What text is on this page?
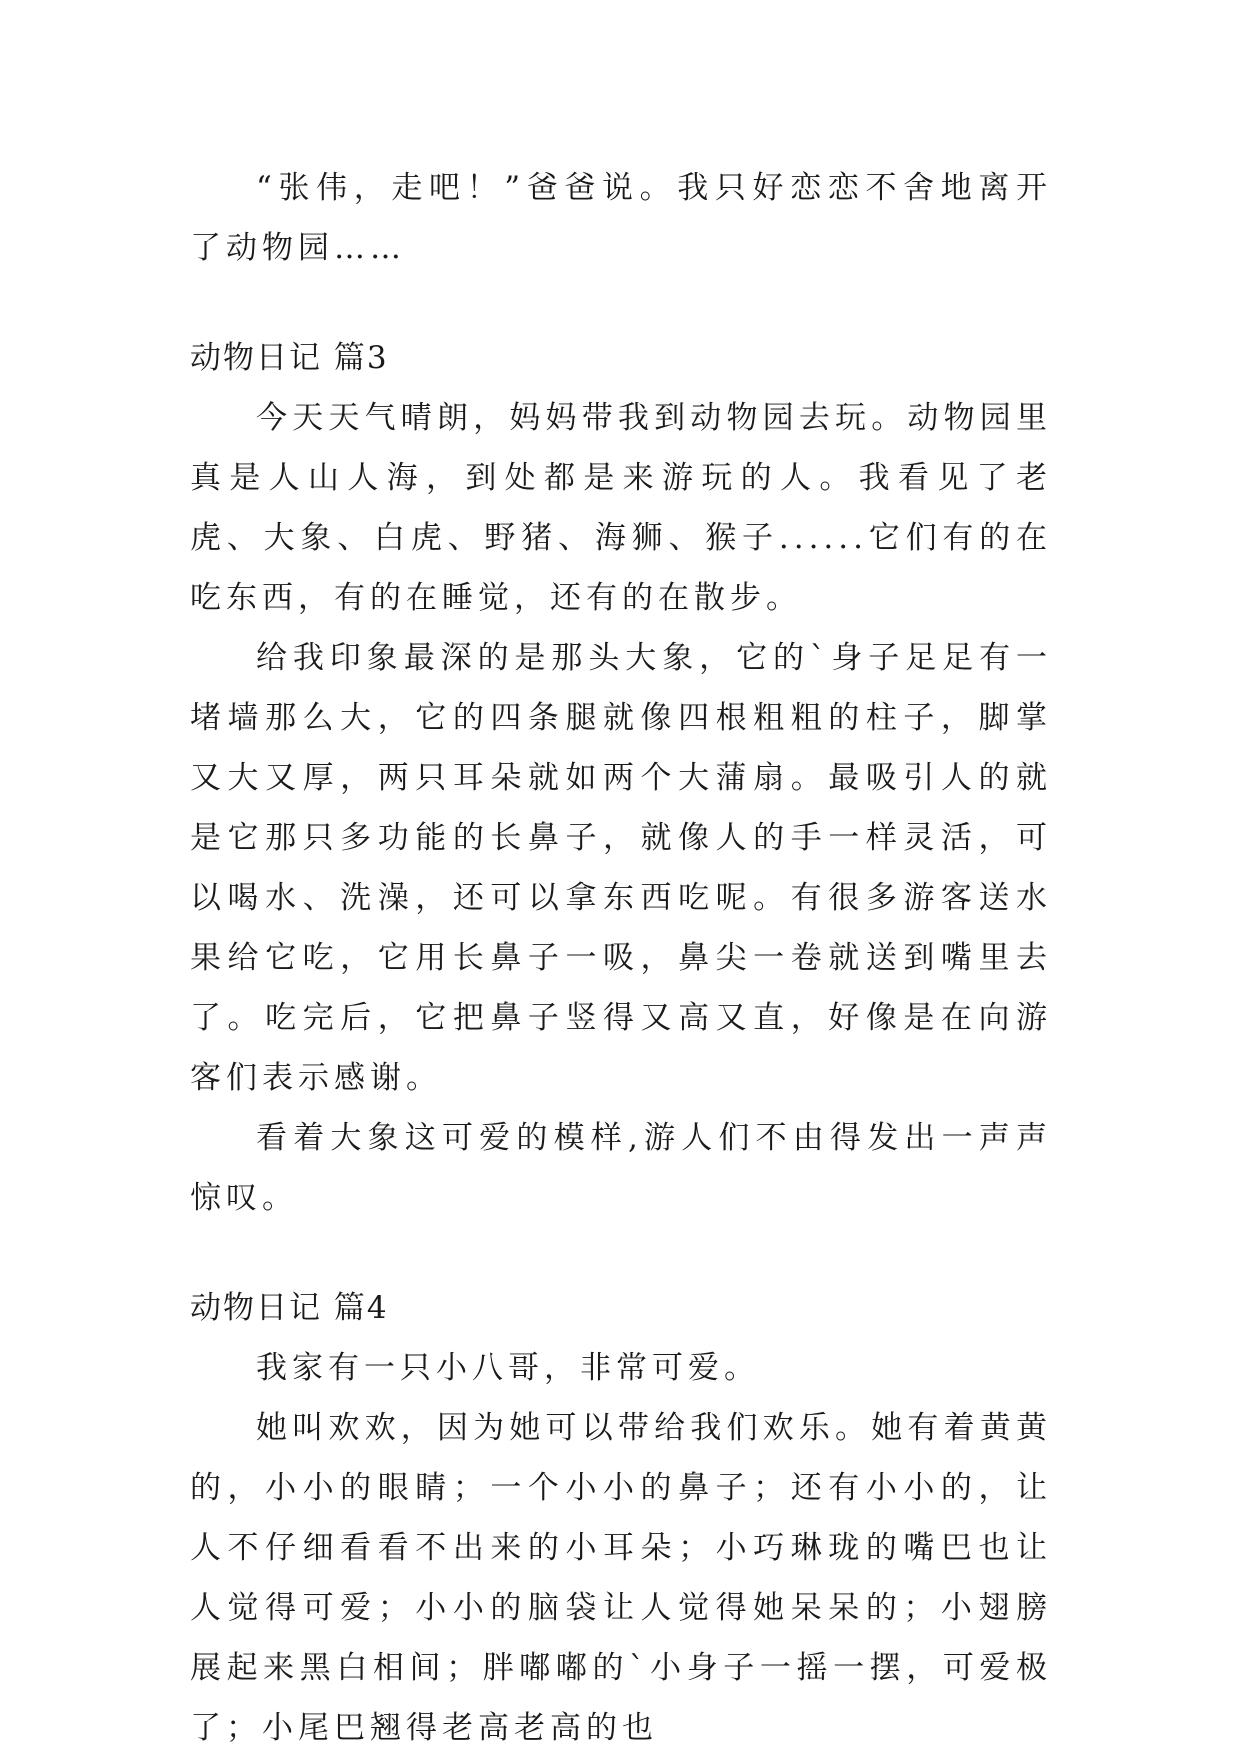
“张伟，走吧！”爸爸说。我只好恋恋不舍地离开了动物园……

动物日记 篇3

今天天气晴朗，妈妈带我到动物园去玩。动物园里真是人山人海，到处都是来游玩的人。我看见了老虎、大象、白虎、野猪、海狮、猴子......它们有的在吃东西，有的在睡觉，还有的在散步。

给我印象最深的是那头大象，它的`身子足足有一堵墙那么大，它的四条腿就像四根粗粗的柱子，脚掌又大又厚，两只耳朵就如两个大蒲扇。最吸引人的就是它那只多功能的长鼻子，就像人的手一样灵活，可以喝水、洗澡，还可以拿东西吃呢。有很多游客送水果给它吃，它用长鼻子一吸，鼻尖一卷就送到嘴里去了。吃完后，它把鼻子竖得又高又直，好像是在向游客们表示感谢。

看着大象这可爱的模样,游人们不由得发出一声声惊叹。

动物日记 篇4

我家有一只小八哥，非常可爱。

她叫欢欢，因为她可以带给我们欢乐。她有着黄黄的，小小的眼睛；一个小小的鼻子；还有小小的，让人不仔细看看不出来的小耳朵；小巧琳珑的嘴巴也让人觉得可爱；小小的脑袋让人觉得她呆呆的；小翅膀展起来黑白相间；胖嘟嘟的`小身子一摇一摆，可爱极了；小尾巴翘得老高老高的也
